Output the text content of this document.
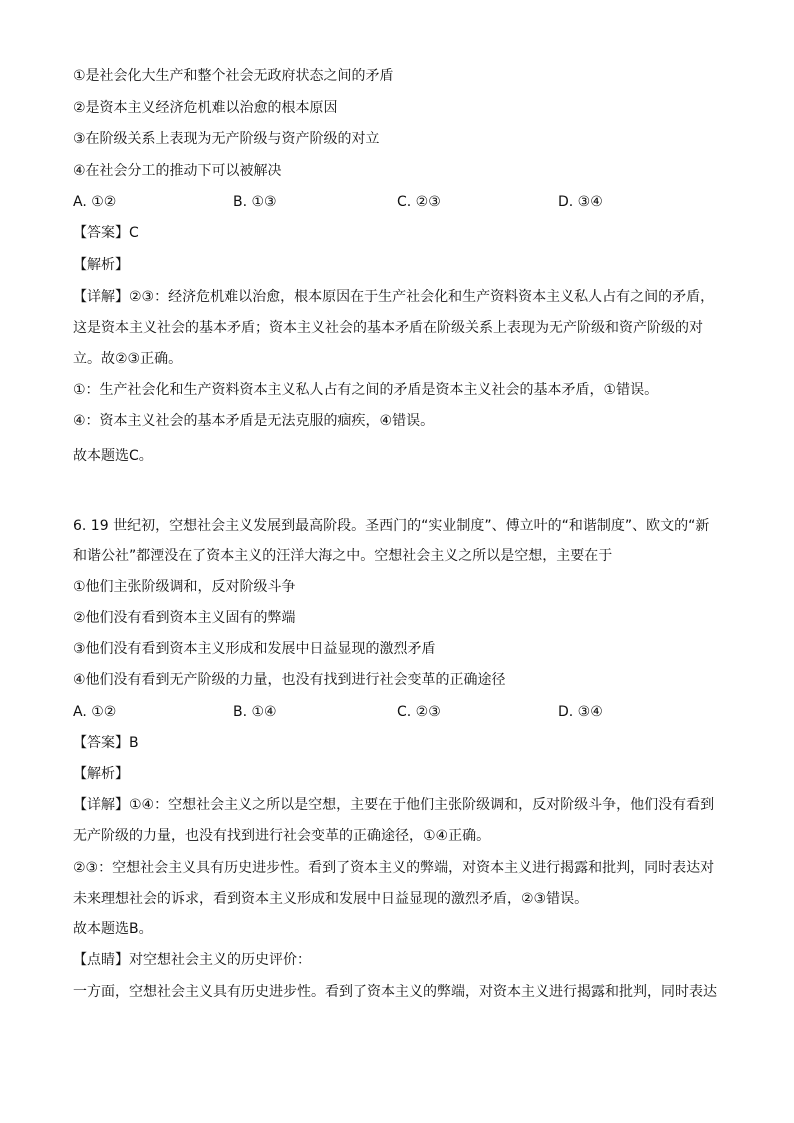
①是社会化大生产和整个社会无政府状态之间的矛盾
②是资本主义经济危机难以治愈的根本原因
③在阶级关系上表现为无产阶级与资产阶级的对立
④在社会分工的推动下可以被解决
A. ①②	B. ①③	C. ②③	D. ③④
【答案】C
【解析】
【详解】②③：经济危机难以治愈，根本原因在于生产社会化和生产资料资本主义私人占有之间的矛盾，
这是资本主义社会的基本矛盾；资本主义社会的基本矛盾在阶级关系上表现为无产阶级和资产阶级的对
立。故②③正确。
①：生产社会化和生产资料资本主义私人占有之间的矛盾是资本主义社会的基本矛盾，①错误。
④：资本主义社会的基本矛盾是无法克服的痼疾，④错误。
故本题选C。
6. 19 世纪初，空想社会主义发展到最高阶段。圣西门的“实业制度”、傅立叶的“和谐制度”、欧文的“新
和谐公社”都湮没在了资本主义的汪洋大海之中。空想社会主义之所以是空想，主要在于
①他们主张阶级调和，反对阶级斗争
②他们没有看到资本主义固有的弊端
③他们没有看到资本主义形成和发展中日益显现的激烈矛盾
④他们没有看到无产阶级的力量，也没有找到进行社会变革的正确途径
A. ①②	B. ①④	C. ②③	D. ③④
【答案】B
【解析】
【详解】①④：空想社会主义之所以是空想，主要在于他们主张阶级调和，反对阶级斗争，他们没有看到
无产阶级的力量，也没有找到进行社会变革的正确途径，①④正确。
②③：空想社会主义具有历史进步性。看到了资本主义的弊端，对资本主义进行揭露和批判，同时表达对
未来理想社会的诉求，看到资本主义形成和发展中日益显现的激烈矛盾，②③错误。
故本题选B。
【点睛】对空想社会主义的历史评价：
一方面，空想社会主义具有历史进步性。看到了资本主义的弊端，对资本主义进行揭露和批判，同时表达
